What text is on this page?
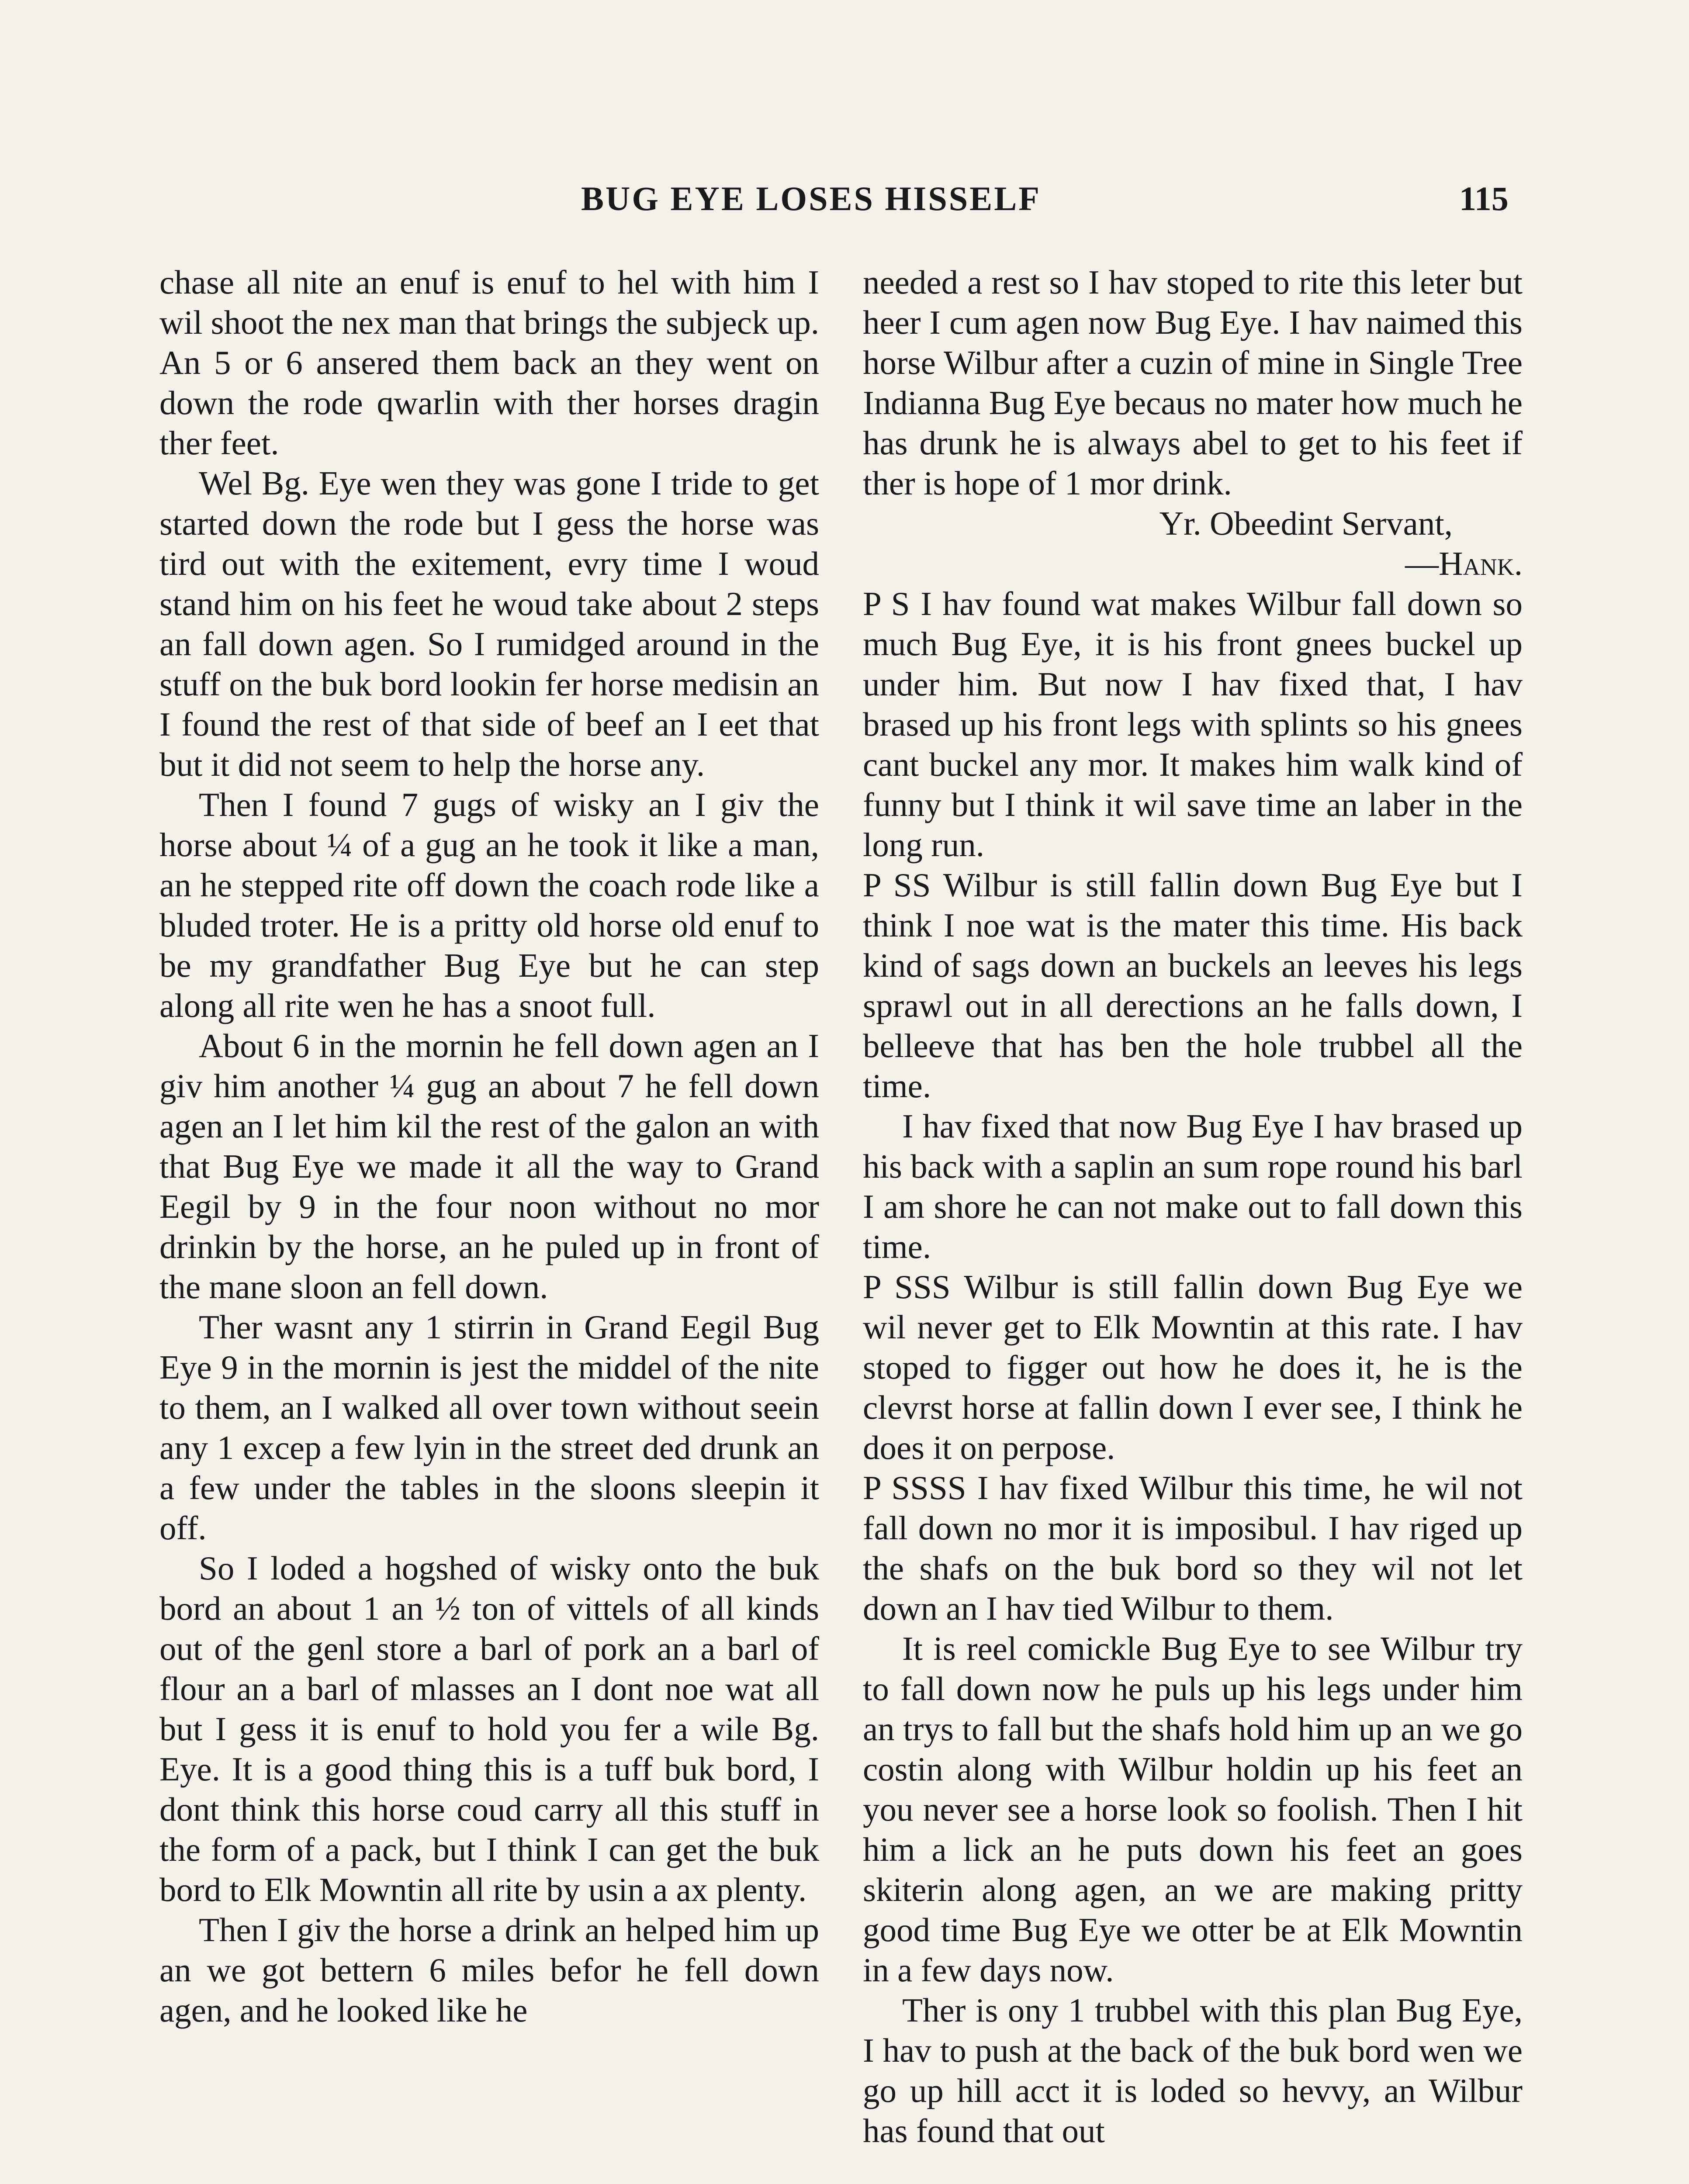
BUG EYE LOSES HISSELF	115

chase all nite an enuf is enuf to hel with him I wil shoot the nex man that brings the subjeck up. An 5 or 6 ansered them back an they went on down the rode qwarlin with ther horses dragin ther feet.

Wel Bg. Eye wen they was gone I tride to get started down the rode but I gess the horse was tird out with the exitement, evry time I woud stand him on his feet he woud take about 2 steps an fall down agen. So I rumidged around in the stuff on the buk bord lookin fer horse medisin an I found the rest of that side of beef an I eet that but it did not seem to help the horse any.

Then I found 7 gugs of wisky an I giv the horse about ¼ of a gug an he took it like a man, an he stepped rite off down the coach rode like a bluded troter. He is a pritty old horse old enuf to be my grandfather Bug Eye but he can step along all rite wen he has a snoot full.

About 6 in the mornin he fell down agen an I giv him another ¼ gug an about 7 he fell down agen an I let him kil the rest of the galon an with that Bug Eye we made it all the way to Grand Eegil by 9 in the four noon without no mor drinkin by the horse, an he puled up in front of the mane sloon an fell down.

Ther wasnt any 1 stirrin in Grand Eegil Bug Eye 9 in the mornin is jest the middel of the nite to them, an I walked all over town without seein any 1 excep a few lyin in the street ded drunk an a few under the tables in the sloons sleepin it off.

So I loded a hogshed of wisky onto the buk bord an about 1 an ½ ton of vittels of all kinds out of the genl store a barl of pork an a barl of flour an a barl of mlasses an I dont noe wat all but I gess it is enuf to hold you fer a wile Bg. Eye. It is a good thing this is a tuff buk bord, I dont think this horse coud carry all this stuff in the form of a pack, but I think I can get the buk bord to Elk Mowntin all rite by usin a ax plenty.

Then I giv the horse a drink an helped him up an we got bettern 6 miles befor he fell down agen, and he looked like he

needed a rest so I hav stoped to rite this leter but heer I cum agen now Bug Eye. I hav naimed this horse Wilbur after a cuzin of mine in Single Tree Indianna Bug Eye becaus no mater how much he has drunk he is always abel to get to his feet if ther is hope of 1 mor drink.

Yr. Obeedint Servant,

—Hank.

P S I hav found wat makes Wilbur fall down so much Bug Eye, it is his front gnees buckel up under him. But now I hav fixed that, I hav brased up his front legs with splints so his gnees cant buckel any mor. It makes him walk kind of funny but I think it wil save time an laber in the long run.

P SS Wilbur is still fallin down Bug Eye but I think I noe wat is the mater this time. His back kind of sags down an buckels an leeves his legs sprawl out in all derections an he falls down, I belleeve that has ben the hole trubbel all the time.

I hav fixed that now Bug Eye I hav brased up his back with a saplin an sum rope round his barl I am shore he can not make out to fall down this time.

P SSS Wilbur is still fallin down Bug Eye we wil never get to Elk Mowntin at this rate. I hav stoped to figger out how he does it, he is the clevrst horse at fallin down I ever see, I think he does it on perpose.

P SSSS I hav fixed Wilbur this time, he wil not fall down no mor it is imposibul. I hav riged up the shafs on the buk bord so they wil not let down an I hav tied Wilbur to them.

It is reel comickle Bug Eye to see Wilbur try to fall down now he puls up his legs under him an trys to fall but the shafs hold him up an we go costin along with Wilbur holdin up his feet an you never see a horse look so foolish. Then I hit him a lick an he puts down his feet an goes skiterin along agen, an we are making pritty good time Bug Eye we otter be at Elk Mowntin in a few days now.

Ther is ony 1 trubbel with this plan Bug Eye, I hav to push at the back of the buk bord wen we go up hill acct it is loded so hevvy, an Wilbur has found that out
